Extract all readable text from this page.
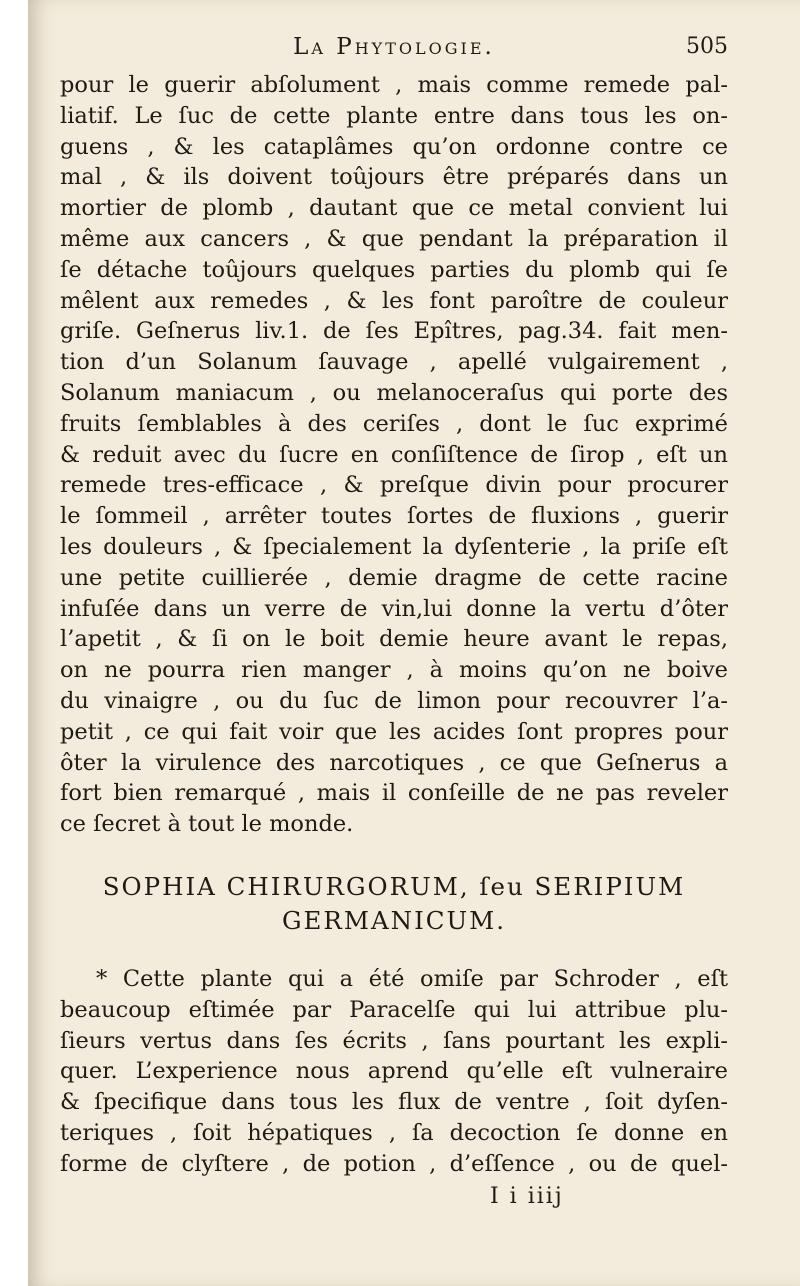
La Phytologie.	505
pour le guerir abſolument , mais comme remede pal-
liatif. Le ſuc de cette plante entre dans tous les on-
guens , & les cataplâmes qu’on ordonne contre ce
mal , & ils doivent toûjours être préparés dans un
mortier de plomb , dautant que ce metal convient lui
même aux cancers , & que pendant la préparation il
ſe détache toûjours quelques parties du plomb qui ſe
mêlent aux remedes , & les font paroître de couleur
griſe. Geſnerus liv.1. de ſes Epîtres, pag.34. fait men-
tion d’un Solanum ſauvage , apellé vulgairement ,
Solanum maniacum , ou melanoceraſus qui porte des
fruits ſemblables à des ceriſes , dont le ſuc exprimé
& reduit avec du ſucre en conſiſtence de ſirop , eſt un
remede tres-efficace , & preſque divin pour procurer
le ſommeil , arrêter toutes ſortes de fluxions , guerir
les douleurs , & ſpecialement la dyſenterie , la priſe eſt
une petite cuillierée , demie dragme de cette racine
infuſée dans un verre de vin,lui donne la vertu d’ôter
l’apetit , & ſi on le boit demie heure avant le repas,
on ne pourra rien manger , à moins qu’on ne boive
du vinaigre , ou du ſuc de limon pour recouvrer l’a-
petit , ce qui fait voir que les acides ſont propres pour
ôter la virulence des narcotiques , ce que Geſnerus a
fort bien remarqué , mais il conſeille de ne pas reveler
ce ſecret à tout le monde.
SOPHIA CHIRURGORUM, ſeu SERIPIUM
GERMANICUM.
* Cette plante qui a été omiſe par Schroder , eſt
beaucoup eſtimée par Paracelſe qui lui attribue plu-
ſieurs vertus dans ſes écrits , ſans pourtant les expli-
quer. L’experience nous aprend qu’elle eſt vulneraire
& ſpecifique dans tous les flux de ventre , ſoit dyſen-
teriques , ſoit hépatiques , ſa decoction ſe donne en
forme de clyſtere , de potion , d’eſſence , ou de quel-
I i iiij
